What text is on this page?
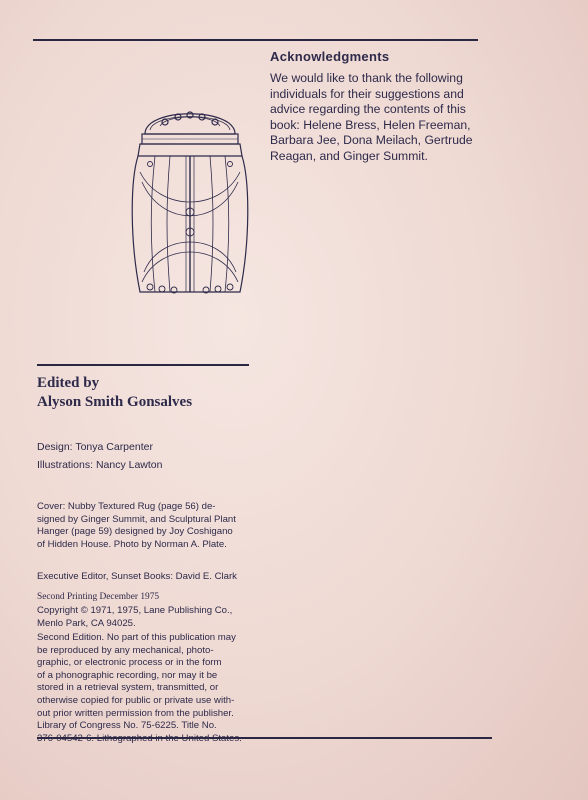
Acknowledgments
We would like to thank the following
individuals for their suggestions and
advice regarding the contents of this
book: Helene Bress, Helen Freeman,
Barbara Jee, Dona Meilach, Gertrude
Reagan, and Ginger Summit.
Edited by
Alyson Smith Gonsalves
Design: Tonya Carpenter
Illustrations: Nancy Lawton
Cover: Nubby Textured Rug (page 56) de-
signed by Ginger Summit, and Sculptural Plant
Hanger (page 59) designed by Joy Coshigano
of Hidden House. Photo by Norman A. Plate.
Executive Editor, Sunset Books: David E. Clark
Second Printing December 1975
Copyright © 1971, 1975, Lane Publishing Co.,
Menlo Park, CA 94025.
Second Edition. No part of this publication may
be reproduced by any mechanical, photo-
graphic, or electronic process or in the form
of a phonographic recording, nor may it be
stored in a retrieval system, transmitted, or
otherwise copied for public or private use with-
out prior written permission from the publisher.
Library of Congress No. 75-6225. Title No.
376-04542-6. Lithographed in the United States.
